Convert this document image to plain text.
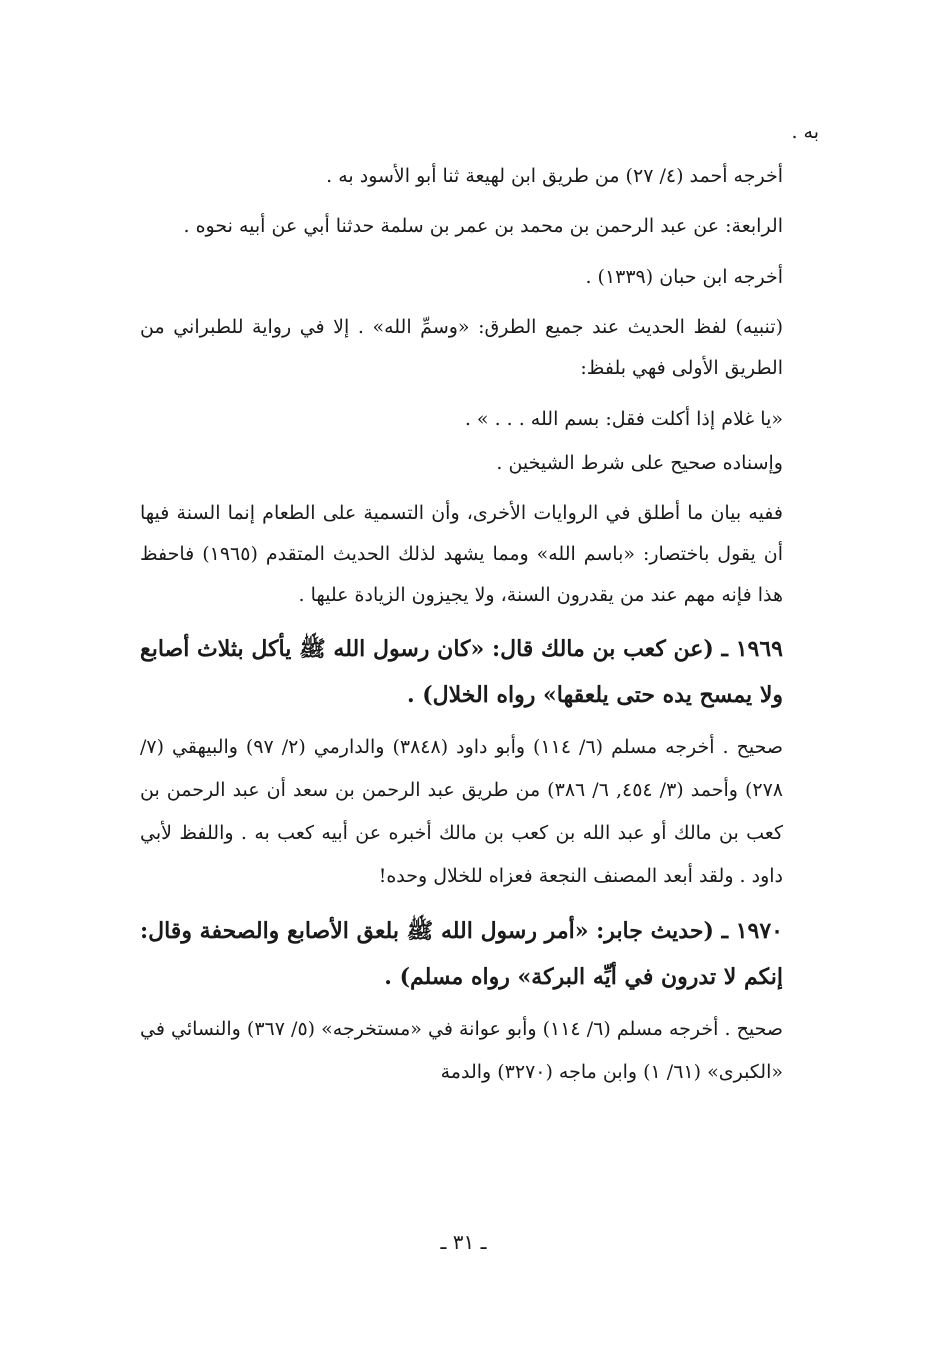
به .
أخرجه أحمد (٤/ ٢٧) من طريق ابن لهيعة ثنا أبو الأسود به .
الرابعة: عن عبد الرحمن بن محمد بن عمر بن سلمة حدثنا أبي عن أبيه نحوه .
أخرجه ابن حبان (١٣٣٩) .
(تنبيه) لفظ الحديث عند جميع الطرق: «وسمِّ الله» . إلا في رواية للطبراني من الطريق الأولى فهي بلفظ:
«يا غلام إذا أكلت فقل: بسم الله . . . » .
وإسناده صحيح على شرط الشيخين .
ففيه بيان ما أطلق في الروايات الأخرى، وأن التسمية على الطعام إنما السنة فيها أن يقول باختصار: «باسم الله» ومما يشهد لذلك الحديث المتقدم (١٩٦٥) فاحفظ هذا فإنه مهم عند من يقدرون السنة، ولا يجيزون الزيادة عليها .
١٩٦٩ ـ (عن كعب بن مالك قال: «كان رسول الله ﷺ يأكل بثلاث أصابع ولا يمسح يده حتى يلعقها» رواه الخلال) .
صحيح . أخرجه مسلم (٦/ ١١٤) وأبو داود (٣٨٤٨) والدارمي (٢/ ٩٧) والبيهقي (٧/ ٢٧٨) وأحمد (٣/ ٤٥٤, ٦/ ٣٨٦) من طريق عبد الرحمن بن سعد أن عبد الرحمن بن كعب بن مالك أو عبد الله بن كعب بن مالك أخبره عن أبيه كعب به . واللفظ لأبي داود . ولقد أبعد المصنف النجعة فعزاه للخلال وحده!
١٩٧٠ ـ (حديث جابر: «أمر رسول الله ﷺ بلعق الأصابع والصحفة وقال: إنكم لا تدرون في أيِّه البركة» رواه مسلم) .
صحيح . أخرجه مسلم (٦/ ١١٤) وأبو عوانة في «مستخرجه» (٥/ ٣٦٧) والنسائي في «الكبرى» (٦١/ ١) وابن ماجه (٣٢٧٠) والدمة
ـ ٣١ ـ
